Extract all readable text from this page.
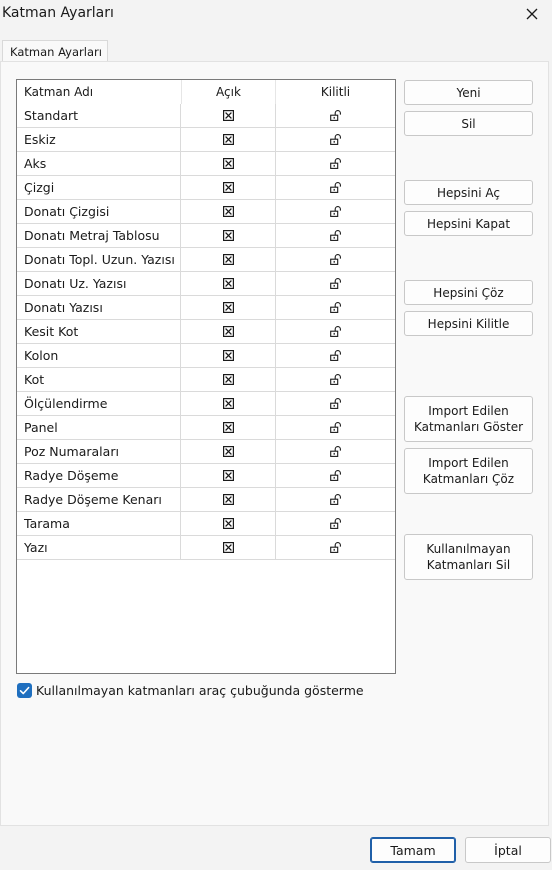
Katman Ayarları
Katman Ayarları
Katman Adı	Açık	Kilitli
Standart
Eskiz
Aks
Çizgi
Donatı Çizgisi
Donatı Metraj Tablosu
Donatı Topl. Uzun. Yazısı
Donatı Uz. Yazısı
Donatı Yazısı
Kesit Kot
Kolon
Kot
Ölçülendirme
Panel
Poz Numaraları
Radye Döşeme
Radye Döşeme Kenarı
Tarama
Yazı
Yeni
Sil
Hepsini Aç
Hepsini Kapat
Hepsini Çöz
Hepsini Kilitle
Import Edilen
Katmanları Göster
Import Edilen
Katmanları Çöz
Kullanılmayan
Katmanları Sil
Kullanılmayan katmanları araç çubuğunda gösterme
Tamam	İptal
